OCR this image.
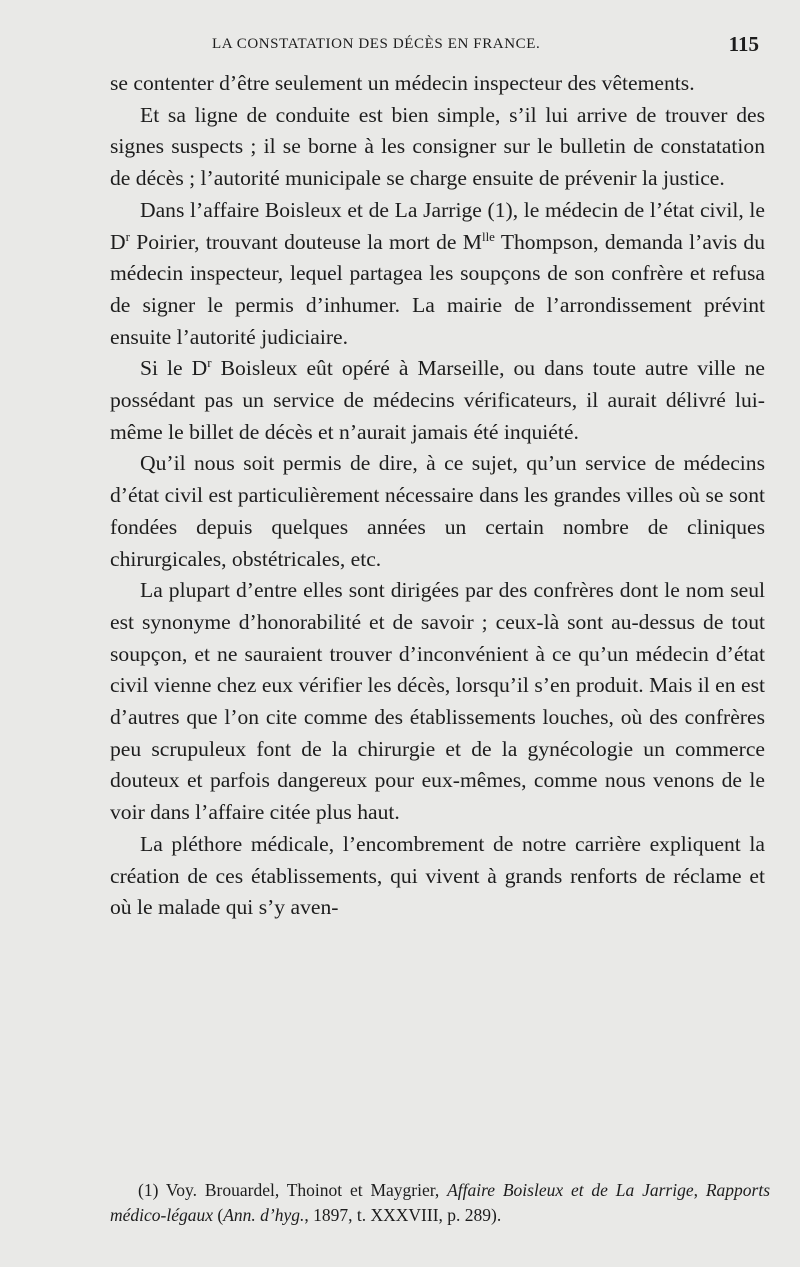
LA CONSTATATION DES DÉCÈS EN FRANCE.	115

se contenter d’être seulement un médecin inspecteur des vêtements.

Et sa ligne de conduite est bien simple, s’il lui arrive de trouver des signes suspects ; il se borne à les consigner sur le bulletin de constatation de décès ; l’autorité municipale se charge ensuite de prévenir la justice.

Dans l’affaire Boisleux et de La Jarrige (1), le médecin de l’état civil, le $D^r$ Poirier, trouvant douteuse la mort de $M^{lle}$ Thompson, demanda l’avis du médecin inspecteur, lequel partagea les soupçons de son confrère et refusa de signer le permis d’inhumer. La mairie de l’arrondissement prévint ensuite l’autorité judiciaire.

Si le $D^r$ Boisleux eût opéré à Marseille, ou dans toute autre ville ne possédant pas un service de médecins vérificateurs, il aurait délivré lui-même le billet de décès et n’aurait jamais été inquiété.

Qu’il nous soit permis de dire, à ce sujet, qu’un service de médecins d’état civil est particulièrement nécessaire dans les grandes villes où se sont fondées depuis quelques années un certain nombre de cliniques chirurgicales, obstétricales, etc.

La plupart d’entre elles sont dirigées par des confrères dont le nom seul est synonyme d’honorabilité et de savoir ; ceux-là sont au-dessus de tout soupçon, et ne sauraient trouver d’inconvénient à ce qu’un médecin d’état civil vienne chez eux vérifier les décès, lorsqu’il s’en produit. Mais il en est d’autres que l’on cite comme des établissements louches, où des confrères peu scrupuleux font de la chirurgie et de la gynécologie un commerce douteux et parfois dangereux pour eux-mêmes, comme nous venons de le voir dans l’affaire citée plus haut.

La pléthore médicale, l’encombrement de notre carrière expliquent la création de ces établissements, qui vivent à grands renforts de réclame et où le malade qui s’y aven-

(1) Voy. Brouardel, Thoinot et Maygrier, Affaire Boisleux et de La Jarrige, Rapports médico-légaux (Ann. d’hyg., 1897, t. XXXVIII, p. 289).
